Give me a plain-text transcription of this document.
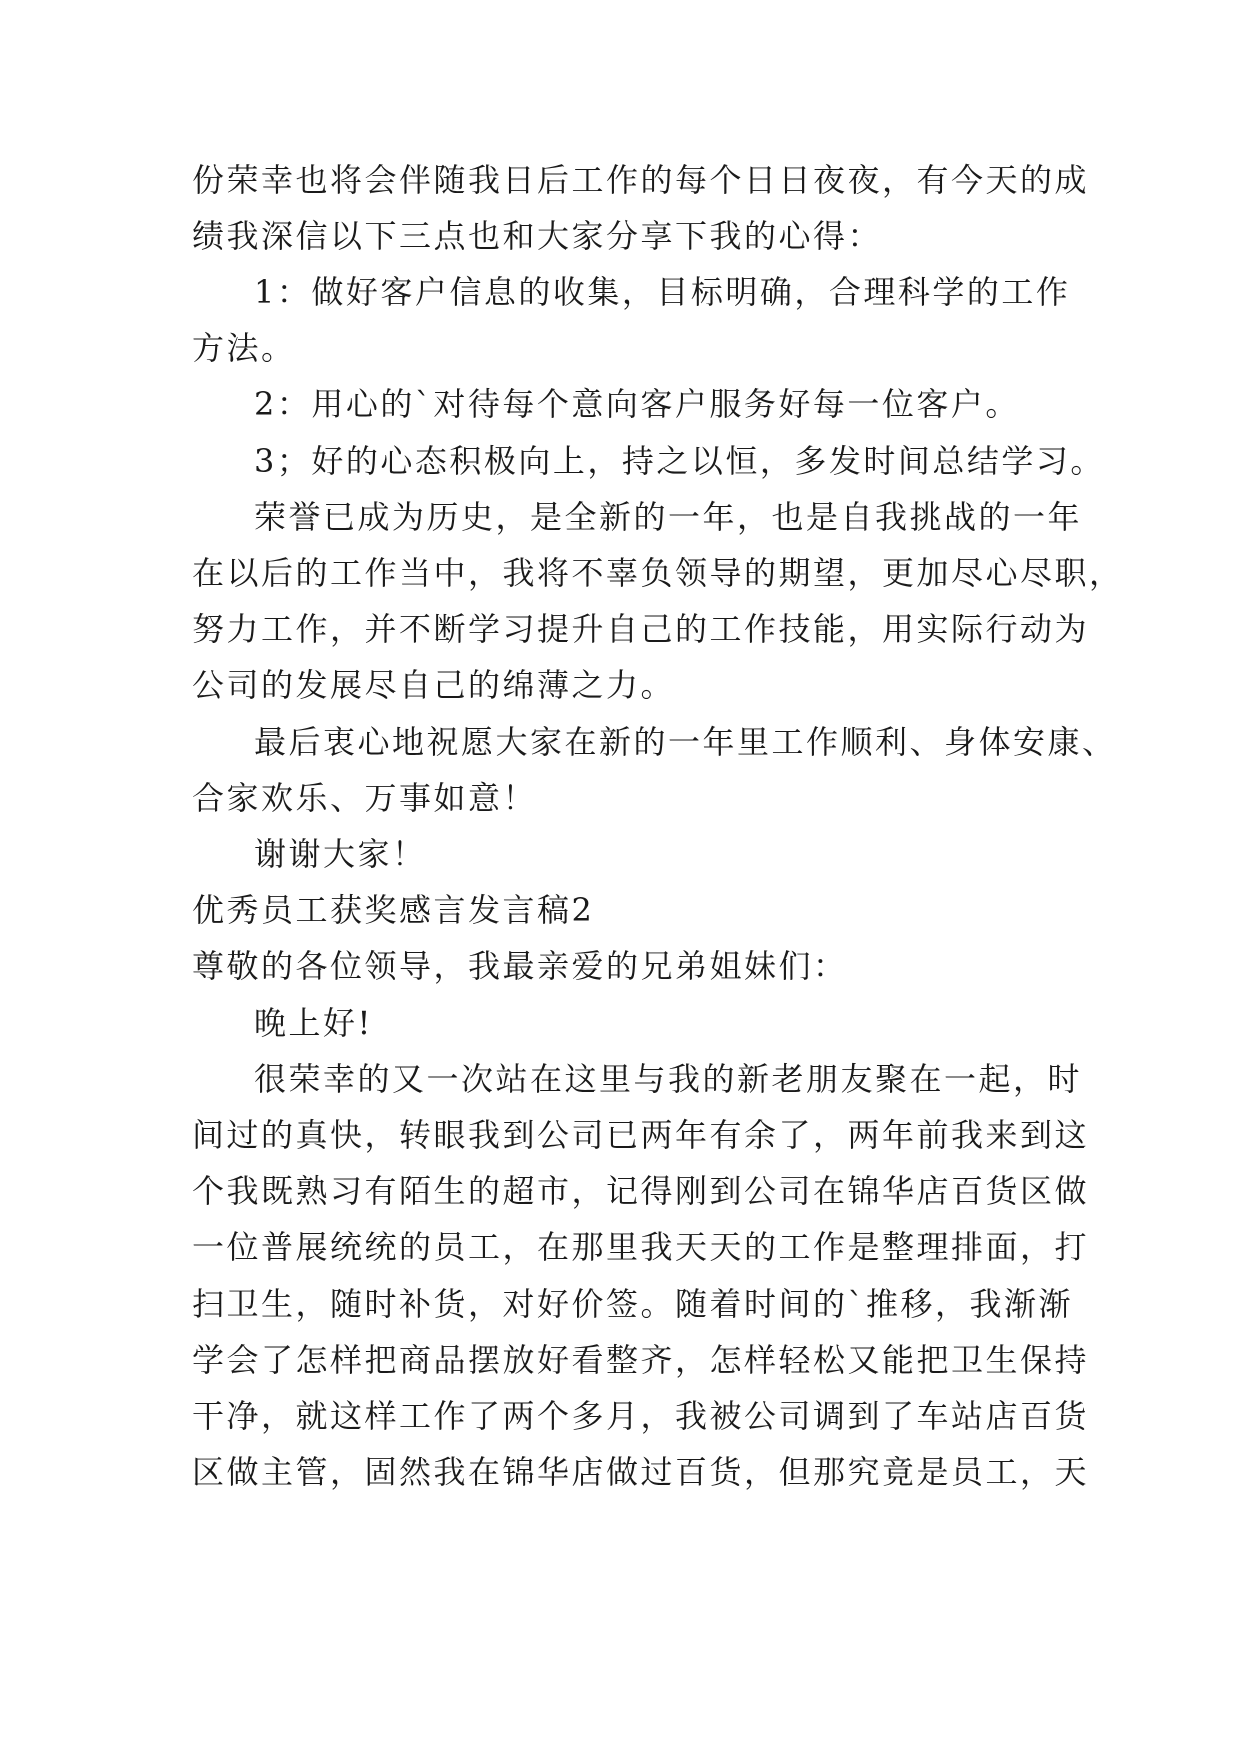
份荣幸也将会伴随我日后工作的每个日日夜夜，有今天的成
绩我深信以下三点也和大家分享下我的心得：
1：做好客户信息的收集，目标明确，合理科学的工作
方法。
2：用心的`对待每个意向客户服务好每一位客户。
3；好的心态积极向上，持之以恒，多发时间总结学习。
荣誉已成为历史，是全新的一年，也是自我挑战的一年
在以后的工作当中，我将不辜负领导的期望，更加尽心尽职，
努力工作，并不断学习提升自己的工作技能，用实际行动为
公司的发展尽自己的绵薄之力。
最后衷心地祝愿大家在新的一年里工作顺利、身体安康、
合家欢乐、万事如意！
谢谢大家！
优秀员工获奖感言发言稿2
尊敬的各位领导，我最亲爱的兄弟姐妹们：
晚上好!
很荣幸的又一次站在这里与我的新老朋友聚在一起，时
间过的真快，转眼我到公司已两年有余了，两年前我来到这
个我既熟习有陌生的超市，记得刚到公司在锦华店百货区做
一位普展统统的员工，在那里我天天的工作是整理排面，打
扫卫生，随时补货，对好价签。随着时间的`推移，我渐渐
学会了怎样把商品摆放好看整齐，怎样轻松又能把卫生保持
干净，就这样工作了两个多月，我被公司调到了车站店百货
区做主管，固然我在锦华店做过百货，但那究竟是员工，天
